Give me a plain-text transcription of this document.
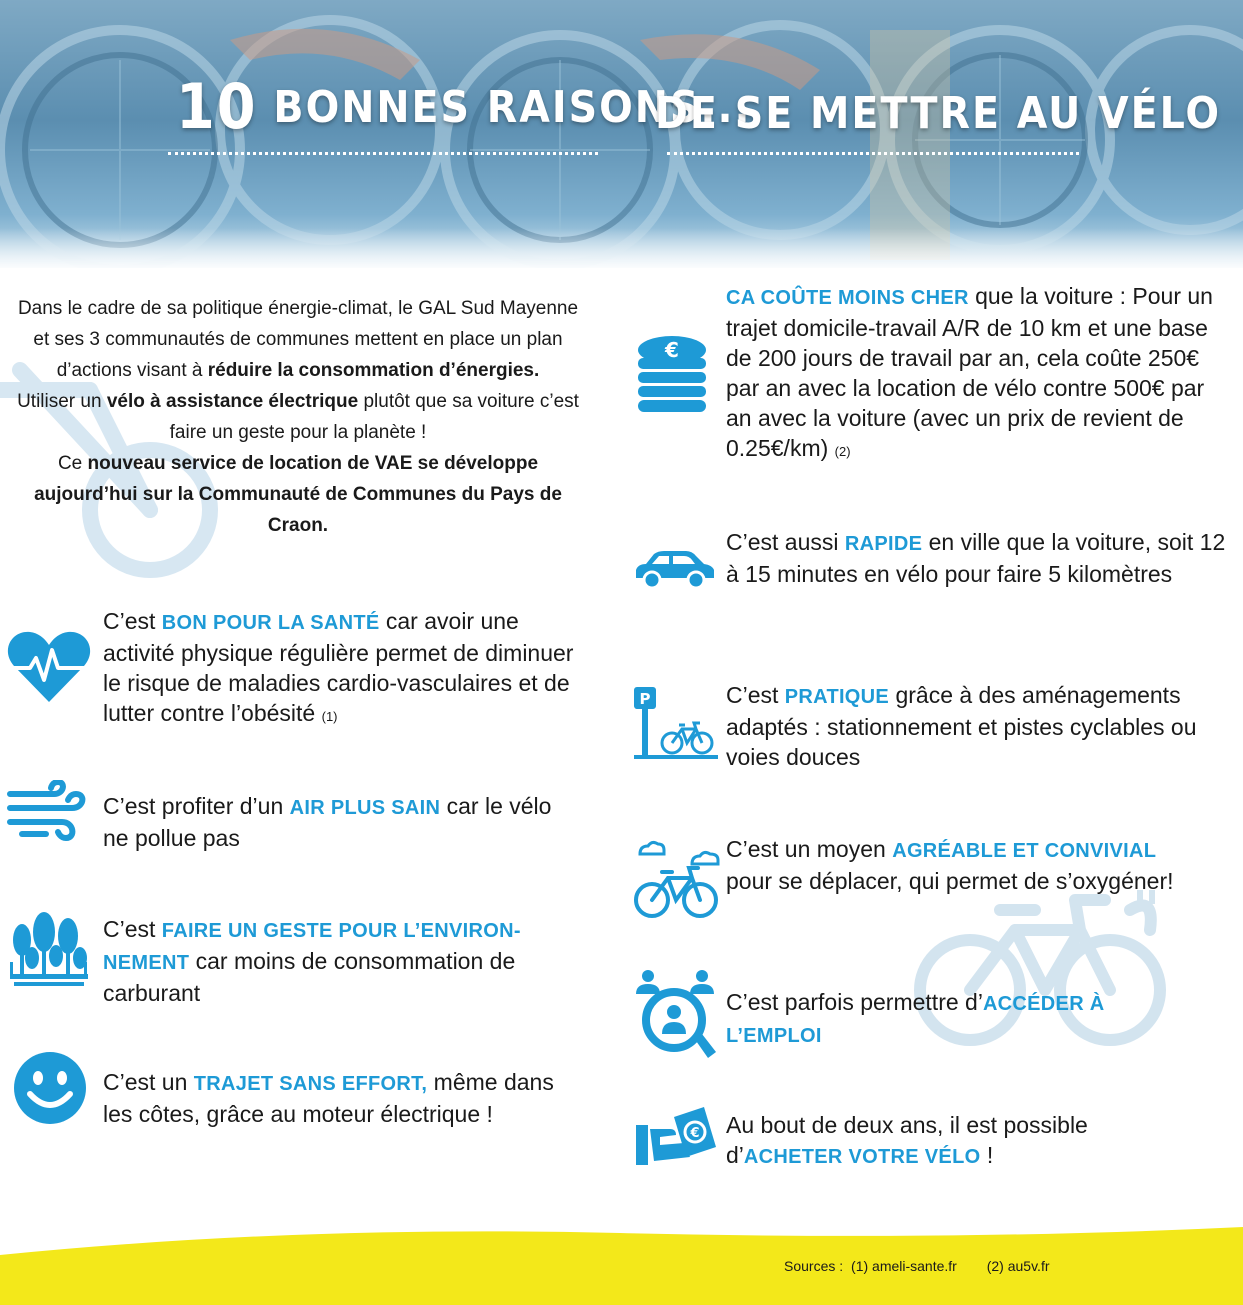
10 BONNES RAISONS...
DE SE METTRE AU VÉLO
Dans le cadre de sa politique énergie-climat, le GAL Sud Mayenne et ses 3 communautés de communes mettent en place un plan d’actions visant à réduire la consommation d’énergies.
Utiliser un vélo à assistance électrique plutôt que sa voiture c’est faire un geste pour la planète !
Ce nouveau service de location de VAE se développe aujourd’hui sur la Communauté de Communes du Pays de Craon.
C’est BON POUR LA SANTÉ car avoir une activité physique régulière permet de diminuer le risque de maladies cardio-vasculaires et de lutter contre l’obésité (1)
C’est profiter d’un AIR PLUS SAIN car le vélo ne pollue pas
C’est FAIRE UN GESTE POUR L’ENVIRON-NEMENT car moins de consommation de carburant
C’est un TRAJET SANS EFFORT, même dans les côtes, grâce au moteur électrique !
€
P
€
CA COÛTE MOINS CHER que la voiture : Pour un trajet domicile-travail A/R de 10 km et une base de 200 jours de travail par an, cela coûte 250€ par an avec la location de vélo contre 500€ par an avec la voiture (avec un prix de revient de 0.25€/km) (2)
C’est aussi RAPIDE en ville que la voiture, soit 12 à 15 minutes en vélo pour faire 5 kilomètres
C’est PRATIQUE grâce à des aménagements adaptés : stationnement et pistes cyclables ou voies douces
C’est un moyen AGRÉABLE ET CONVIVIAL pour se déplacer, qui permet de s’oxygéner!
C’est parfois permettre d’ACCÉDER À L’EMPLOI
Au bout de deux ans, il est possible d’ACHETER VOTRE VÉLO !
Sources : (1) ameli-sante.fr (2) au5v.fr
